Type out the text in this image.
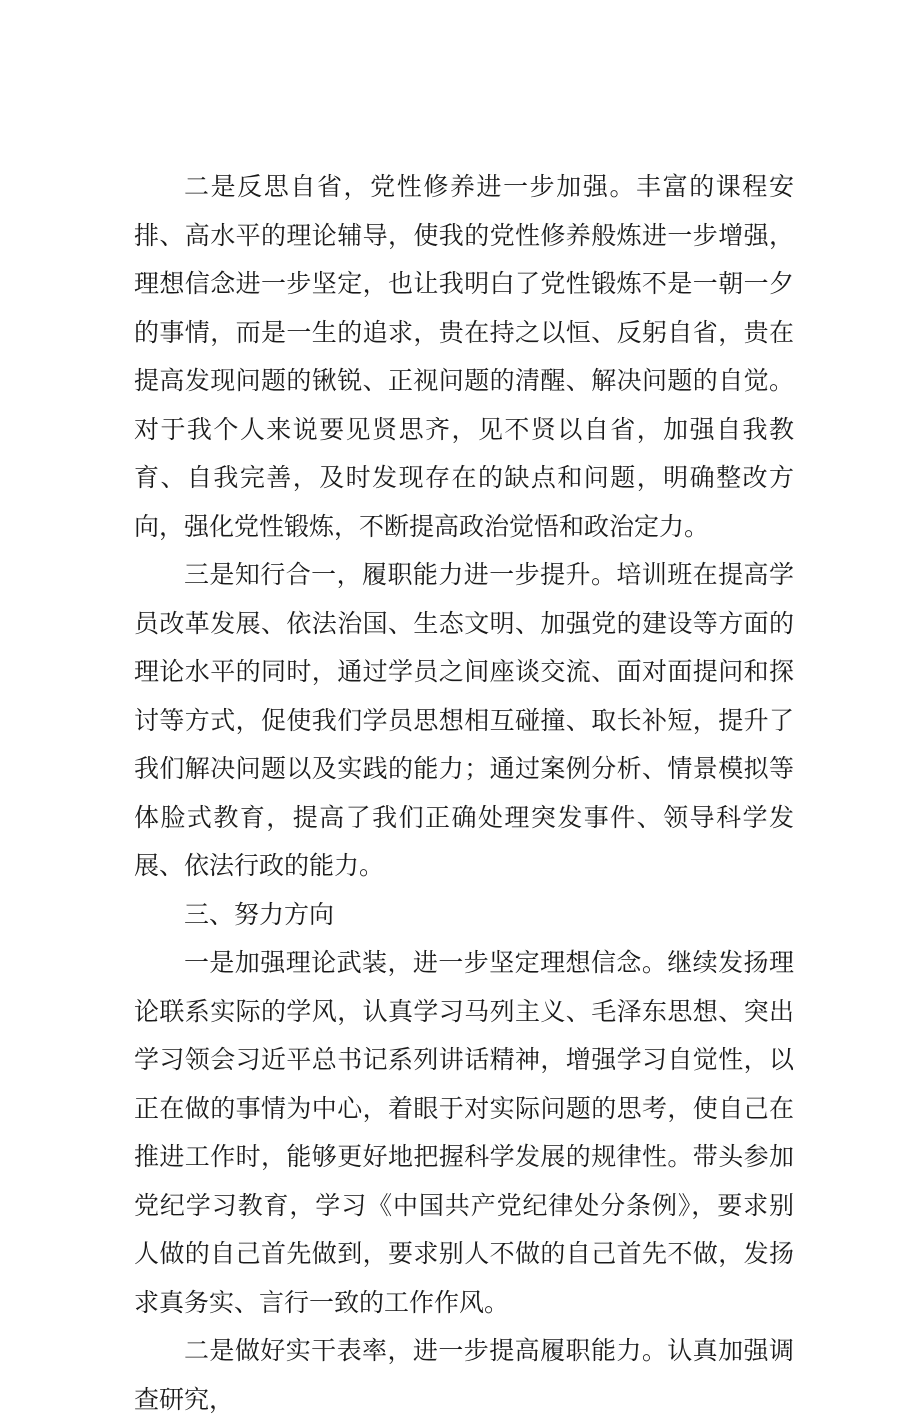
二是反思自省，党性修养进一步加强。丰富的课程安排、高水平的理论辅导，使我的党性修养般炼进一步增强，理想信念进一步坚定，也让我明白了党性锻炼不是一朝一夕的事情，而是一生的追求，贵在持之以恒、反躬自省，贵在提高发现问题的锹锐、正视问题的清醒、解决问题的自觉。对于我个人来说要见贤思齐，见不贤以自省，加强自我教育、自我完善，及时发现存在的缺点和问题，明确整改方向，强化党性锻炼，不断提高政治觉悟和政治定力。

三是知行合一，履职能力进一步提升。培训班在提高学员改革发展、依法治国、生态文明、加强党的建设等方面的理论水平的同时，通过学员之间座谈交流、面对面提问和探讨等方式，促使我们学员思想相互碰撞、取长补短，提升了我们解决问题以及实践的能力；通过案例分析、情景模拟等体脸式教育，提高了我们正确处理突发事件、领导科学发展、依法行政的能力。

三、努力方向

一是加强理论武装，进一步坚定理想信念。继续发扬理论联系实际的学风，认真学习马列主义、毛泽东思想、突出学习领会习近平总书记系列讲话精神，增强学习自觉性，以正在做的事情为中心，着眼于对实际问题的思考，使自己在推进工作时，能够更好地把握科学发展的规律性。带头参加党纪学习教育，学习《中国共产党纪律处分条例》，要求别人做的自己首先做到，要求别人不做的自己首先不做，发扬求真务实、言行一致的工作作风。

二是做好实干表率，进一步提高履职能力。认真加强调查研究，
